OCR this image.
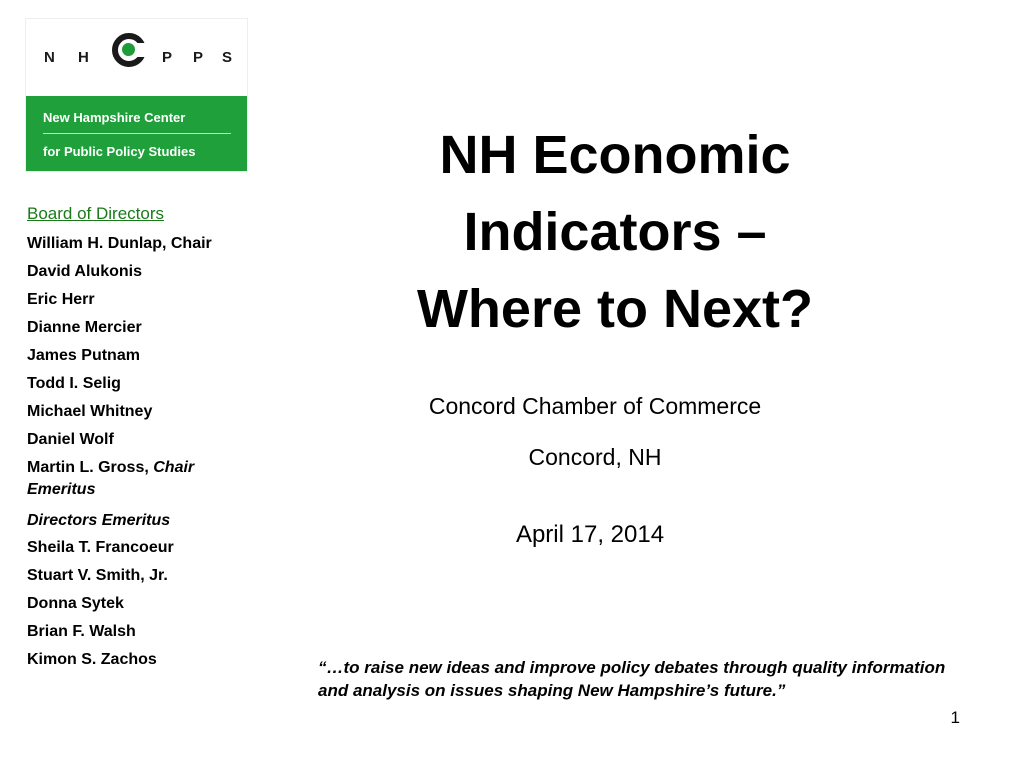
N H	P P S
New Hampshire Center
for Public Policy Studies
Board of Directors
William H. Dunlap, Chair
David Alukonis
Eric Herr
Dianne Mercier
James Putnam
Todd I. Selig
Michael Whitney
Daniel Wolf
Martin L. Gross, Chair Emeritus
Directors Emeritus
Sheila T. Francoeur
Stuart V. Smith, Jr.
Donna Sytek
Brian F. Walsh
Kimon S. Zachos
NH Economic
Indicators –
Where to Next?
Concord Chamber of Commerce
Concord, NH
April 17, 2014
“…to raise new ideas and improve policy debates through quality information and analysis on issues shaping New Hampshire’s future.”
1
